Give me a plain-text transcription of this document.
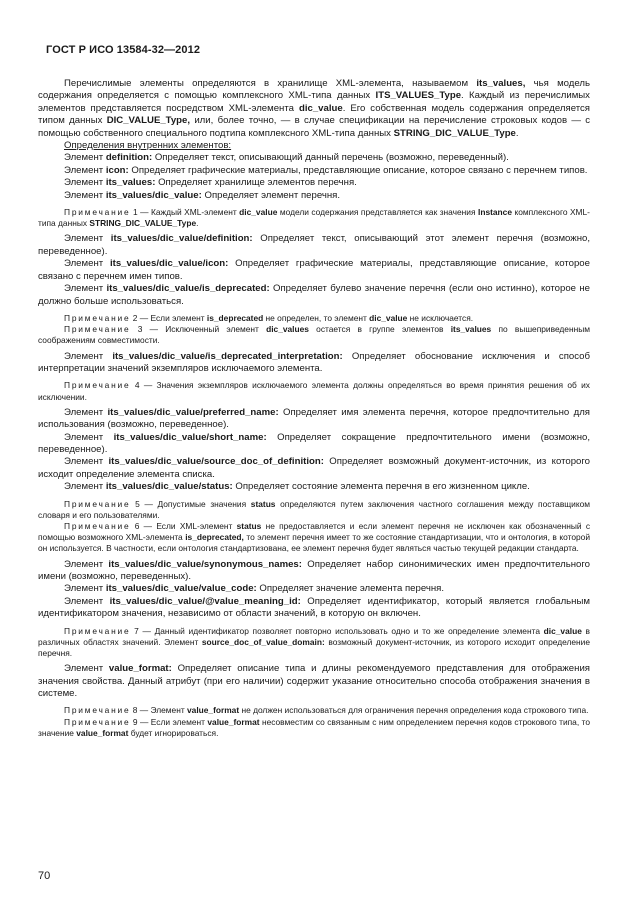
ГОСТ Р ИСО 13584-32—2012

Перечислимые элементы определяются в хранилище XML-элемента, называемом its_values, чья модель содержания определяется с помощью комплексного XML-типа данных ITS_VALUES_Type. Каждый из перечислимых элементов представляется посредством XML-элемента dic_value. Его собственная модель содержания определяется типом данных DIC_VALUE_Type, или, более точно, — в случае спецификации на перечисление строковых кодов — с помощью собственного специального подтипа комплексного XML-типа данных STRING_DIC_VALUE_Type.

Определения внутренних элементов:

Элемент definition: Определяет текст, описывающий данный перечень (возможно, переведенный).

Элемент icon: Определяет графические материалы, представляющие описание, которое связано с перечнем типов.

Элемент its_values: Определяет хранилище элементов перечня.

Элемент its_values/dic_value: Определяет элемент перечня.

Примечание 1 — Каждый XML-элемент dic_value модели содержания представляется как значения Instance комплексного XML-типа данных STRING_DIC_VALUE_Type.

Элемент its_values/dic_value/definition: Определяет текст, описывающий этот элемент перечня (возможно, переведенное).

Элемент its_values/dic_value/icon: Определяет графические материалы, представляющие описание, которое связано с перечнем имен типов.

Элемент its_values/dic_value/is_deprecated: Определяет булево значение перечня (если оно истинно), которое не должно больше использоваться.

Примечание 2 — Если элемент is_deprecated не определен, то элемент dic_value не исключается.

Примечание 3 — Исключенный элемент dic_values остается в группе элементов its_values по вышеприведенным соображениям совместимости.

Элемент its_values/dic_value/is_deprecated_interpretation: Определяет обоснование исключения и способ интерпретации значений экземпляров исключаемого элемента.

Примечание 4 — Значения экземпляров исключаемого элемента должны определяться во время принятия решения об их исключении.

Элемент its_values/dic_value/preferred_name: Определяет имя элемента перечня, которое предпочтительно для использования (возможно, переведенное).

Элемент its_values/dic_value/short_name: Определяет сокращение предпочтительного имени (возможно, переведенное).

Элемент its_values/dic_value/source_doc_of_definition: Определяет возможный документ-источник, из которого исходит определение элемента списка.

Элемент its_values/dic_value/status: Определяет состояние элемента перечня в его жизненном цикле.

Примечание 5 — Допустимые значения status определяются путем заключения частного соглашения между поставщиком словаря и его пользователями.

Примечание 6 — Если XML-элемент status не предоставляется и если элемент перечня не исключен как обозначенный с помощью возможного XML-элемента is_deprecated, то элемент перечня имеет то же состояние стандартизации, что и онтология, в которой он используется. В частности, если онтология стандартизована, ее элемент перечня будет являться частью текущей редакции стандарта.

Элемент its_values/dic_value/synonymous_names: Определяет набор синонимических имен предпочтительного имени (возможно, переведенных).

Элемент its_values/dic_value/value_code: Определяет значение элемента перечня.

Элемент its_values/dic_value/@value_meaning_id: Определяет идентификатор, который является глобальным идентификатором значения, независимо от области значений, в которую он включен.

Примечание 7 — Данный идентификатор позволяет повторно использовать одно и то же определение элемента dic_value в различных областях значений. Элемент source_doc_of_value_domain: возможный документ-источник, из которого исходит определение перечня.

Элемент value_format: Определяет описание типа и длины рекомендуемого представления для отображения значения свойства. Данный атрибут (при его наличии) содержит указание относительно способа отображения значения в системе.

Примечание 8 — Элемент value_format не должен использоваться для ограничения перечня определения кода строкового типа.

Примечание 9 — Если элемент value_format несовместим со связанным с ним определением перечня кодов строкового типа, то значение value_format будет игнорироваться.

70
